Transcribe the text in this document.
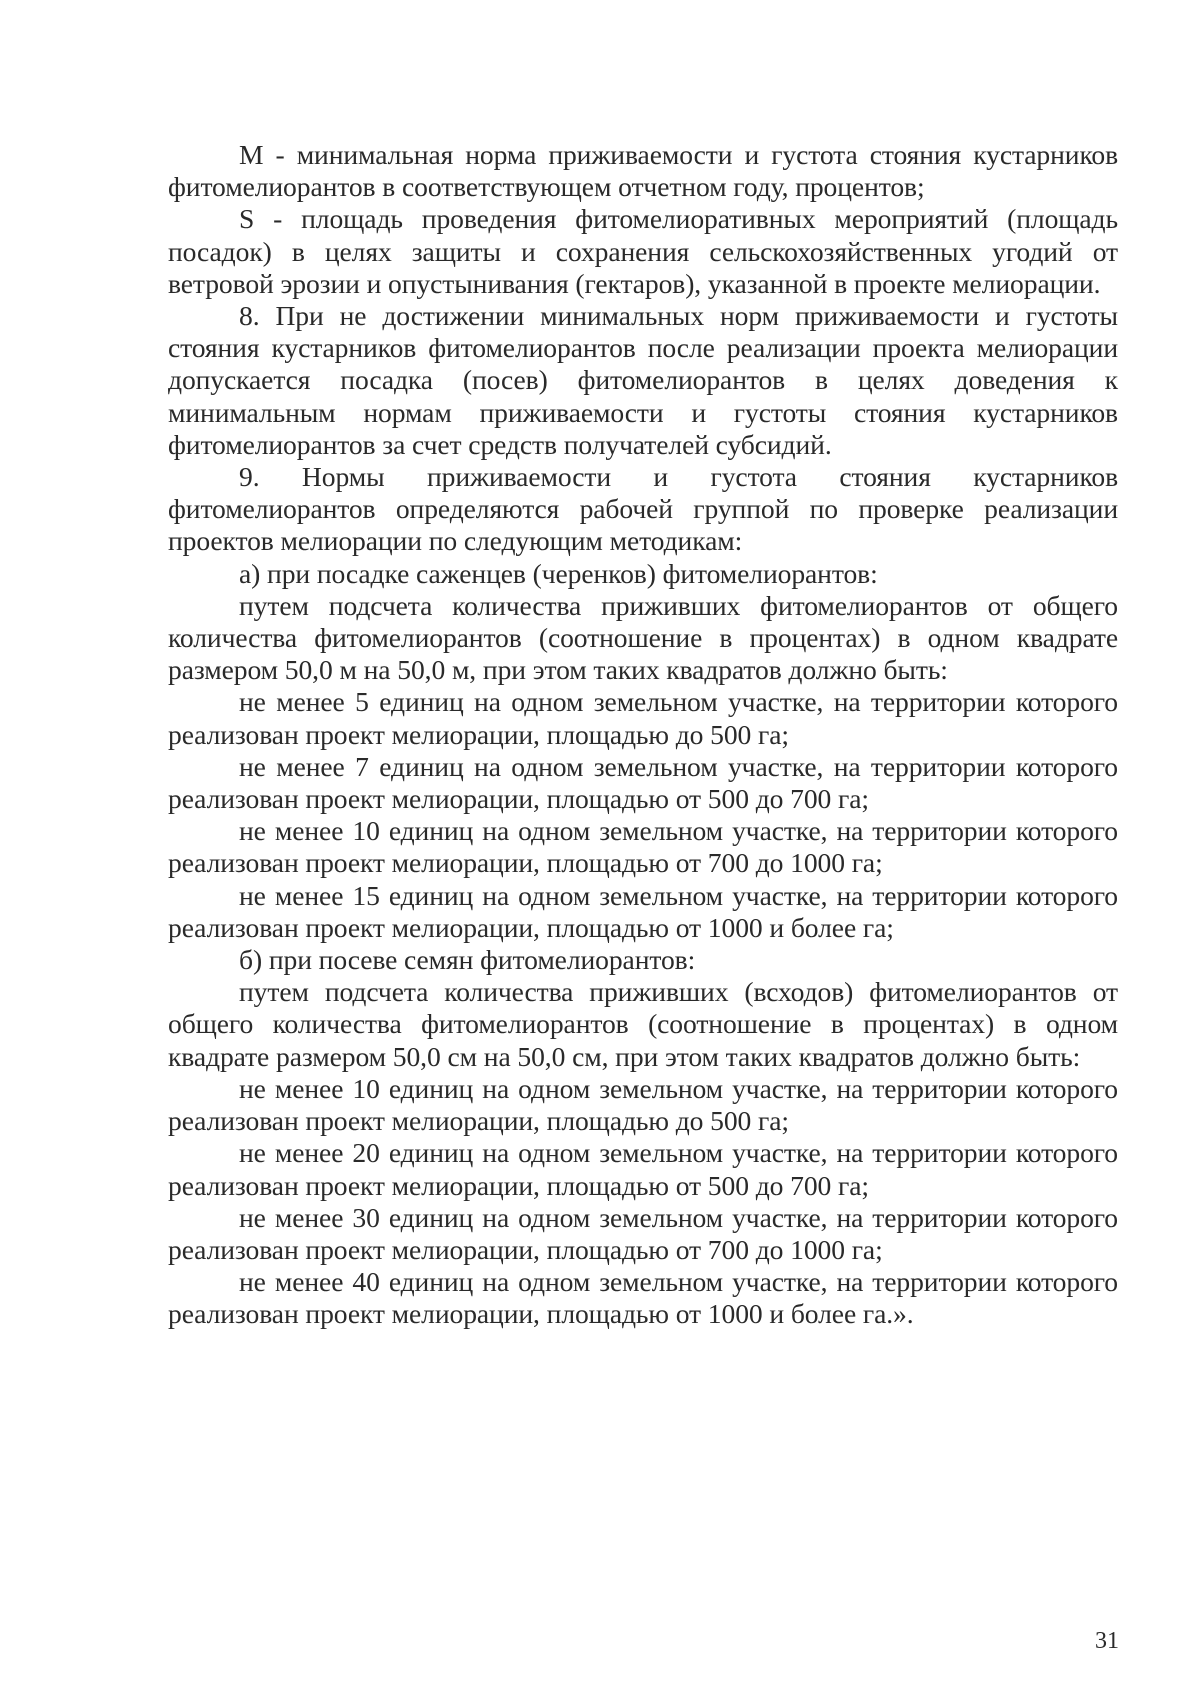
М - минимальная норма приживаемости и густота стояния кустарников фитомелиорантов в соответствующем отчетном году, процентов;

S - площадь проведения фитомелиоративных мероприятий (площадь посадок) в целях защиты и сохранения сельскохозяйственных угодий от ветровой эрозии и опустынивания (гектаров), указанной в проекте мелиорации.

8. При не достижении минимальных норм приживаемости и густоты стояния кустарников фитомелиорантов после реализации проекта мелиорации допускается посадка (посев) фитомелиорантов в целях доведения к минимальным нормам приживаемости и густоты стояния кустарников фитомелиорантов за счет средств получателей субсидий.

9. Нормы приживаемости и густота стояния кустарников фитомелиорантов определяются рабочей группой по проверке реализации проектов мелиорации по следующим методикам:

а) при посадке саженцев (черенков) фитомелиорантов:

путем подсчета количества приживших фитомелиорантов от общего количества фитомелиорантов (соотношение в процентах) в одном квадрате размером 50,0 м на 50,0 м, при этом таких квадратов должно быть:

не менее 5 единиц на одном земельном участке, на территории которого реализован проект мелиорации, площадью до 500 га;

не менее 7 единиц на одном земельном участке, на территории которого реализован проект мелиорации, площадью от 500 до 700 га;

не менее 10 единиц на одном земельном участке, на территории которого реализован проект мелиорации, площадью от 700 до 1000 га;

не менее 15 единиц на одном земельном участке, на территории которого реализован проект мелиорации, площадью от 1000 и более га;

б) при посеве семян фитомелиорантов:

путем подсчета количества приживших (всходов) фитомелиорантов от общего количества фитомелиорантов (соотношение в процентах) в одном квадрате размером 50,0 см на 50,0 см, при этом таких квадратов должно быть:

не менее 10 единиц на одном земельном участке, на территории которого реализован проект мелиорации, площадью до 500 га;

не менее 20 единиц на одном земельном участке, на территории которого реализован проект мелиорации, площадью от 500 до 700 га;

не менее 30 единиц на одном земельном участке, на территории которого реализован проект мелиорации, площадью от 700 до 1000 га;

не менее 40 единиц на одном земельном участке, на территории которого реализован проект мелиорации, площадью от 1000 и более га.».

31
